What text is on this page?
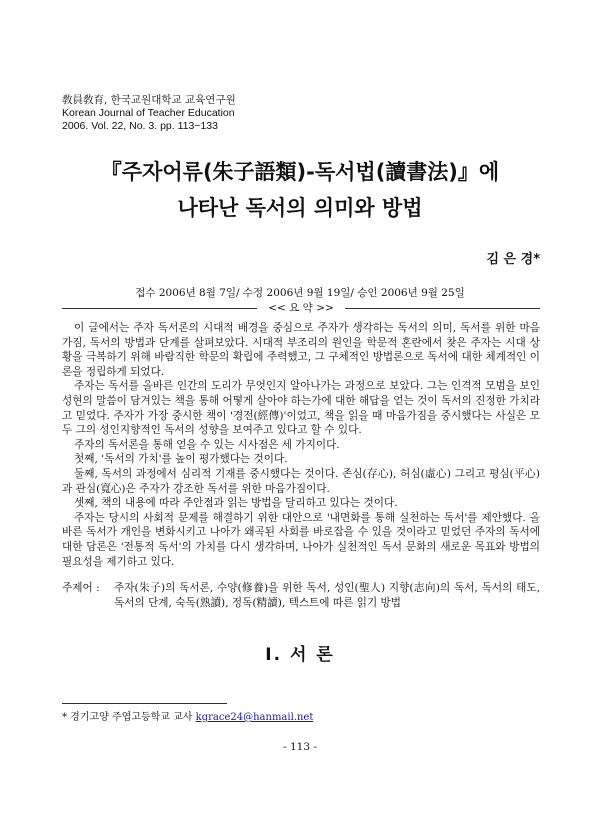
敎員敎育, 한국교원대학교 교육연구원
Korean Journal of Teacher Education
2006. Vol. 22, No. 3. pp. 113~133
『주자어류(朱子語類)-독서법(讀書法)』에
나타난 독서의 의미와 방법
김 은 경*
접수 2006년 8월 7일/ 수정 2006년 9월 19일/ 승인 2006년 9월 25일
<< 요 약 >>

이 글에서는 주자 독서론의 시대적 배경을 중심으로 주자가 생각하는 독서의 의미, 독서를 위한 마음가짐, 독서의 방법과 단계를 살펴보았다. 시대적 부조리의 원인을 학문적 혼란에서 찾은 주자는 시대 상황을 극복하기 위해 바람직한 학문의 확립에 주력했고, 그 구체적인 방법론으로 독서에 대한 체계적인 이론을 정립하게 되었다.

주자는 독서를 올바른 인간의 도리가 무엇인지 알아나가는 과정으로 보았다. 그는 인격적 모범을 보인 성현의 말씀이 담겨있는 책을 통해 어떻게 살아야 하는가에 대한 해답을 얻는 것이 독서의 진정한 가치라고 믿었다. 주자가 가장 중시한 책이 '경전(經傳)'이었고, 책을 읽을 때 마음가짐을 중시했다는 사실은 모두 그의 성인지향적인 독서의 성향을 보여주고 있다고 할 수 있다.

주자의 독서론을 통해 얻을 수 있는 시사점은 세 가지이다.

첫째, '독서의 가치'를 높이 평가했다는 것이다.

둘째, 독서의 과정에서 심리적 기재를 중시했다는 것이다. 존심(存心), 허심(虛心) 그리고 평심(平心)과 관심(寬心)은 주자가 강조한 독서를 위한 마음가짐이다.

셋째, 책의 내용에 따라 주안점과 읽는 방법을 달리하고 있다는 것이다.

주자는 당시의 사회적 문제를 해결하기 위한 대안으로 '내면화를 통해 실천하는 독서'를 제안했다. 올바른 독서가 개인을 변화시키고 나아가 왜곡된 사회를 바로잡을 수 있을 것이라고 믿었던 주자의 독서에 대한 담론은 '전통적 독서'의 가치를 다시 생각하며, 나아가 실천적인 독서 문화의 새로운 목표와 방법의 필요성을 제기하고 있다.

주제어 :	주자(朱子)의 독서론, 수양(修養)을 위한 독서, 성인(聖人) 지향(志向)의 독서, 독서의 태도, 독서의 단계, 숙독(熟讀), 정독(精讀), 텍스트에 따른 읽기 방법
Ⅰ. 서 론
* 경기고양 주엽고등학교 교사 kgrace24@hanmail.net
- 113 -
